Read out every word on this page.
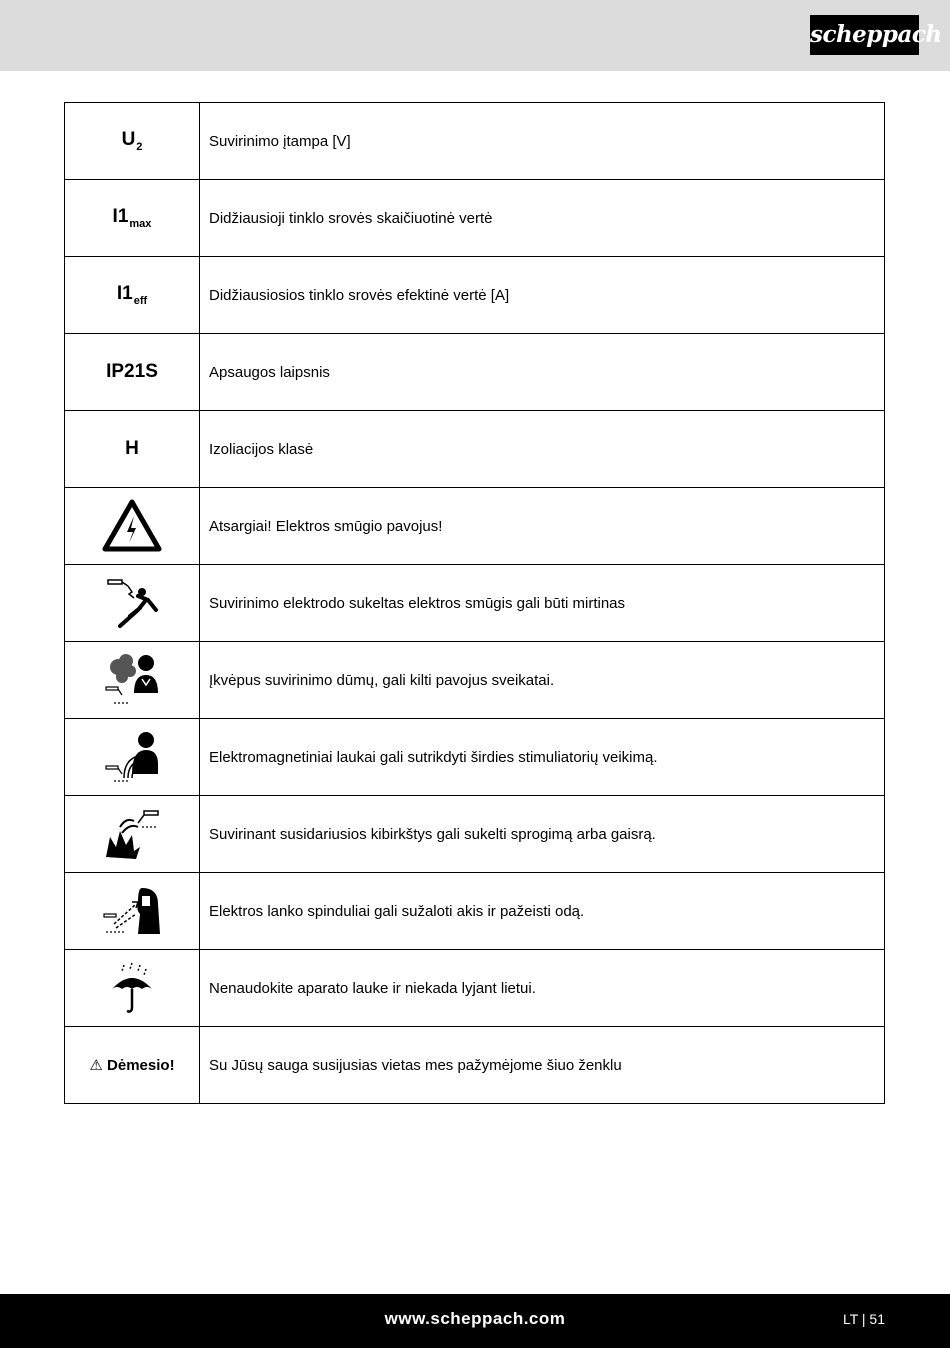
scheppach
$U_2$	Suvirinimo įtampa [V]
$I1_{max}$	Didžiausioji tinklo srovės skaičiuotinė vertė
$I1_{eff}$	Didžiausiosios tinklo srovės efektinė vertė [A]
IP21S	Apsaugos laipsnis
H	Izoliacijos klasė
	Atsargiai! Elektros smūgio pavojus!
	Suvirinimo elektrodo sukeltas elektros smūgis gali būti mirtinas
	Įkvėpus suvirinimo dūmų, gali kilti pavojus sveikatai.
	Elektromagnetiniai laukai gali sutrikdyti širdies stimuliatorių veikimą.
	Suvirinant susidariusios kibirkštys gali sukelti sprogimą arba gaisrą.
	Elektros lanko spinduliai gali sužaloti akis ir pažeisti odą.
	Nenaudokite aparato lauke ir niekada lyjant lietui.
⚠ Dėmesio!	Su Jūsų sauga susijusias vietas mes pažymėjome šiuo ženklu
www.scheppach.com	LT | 51
